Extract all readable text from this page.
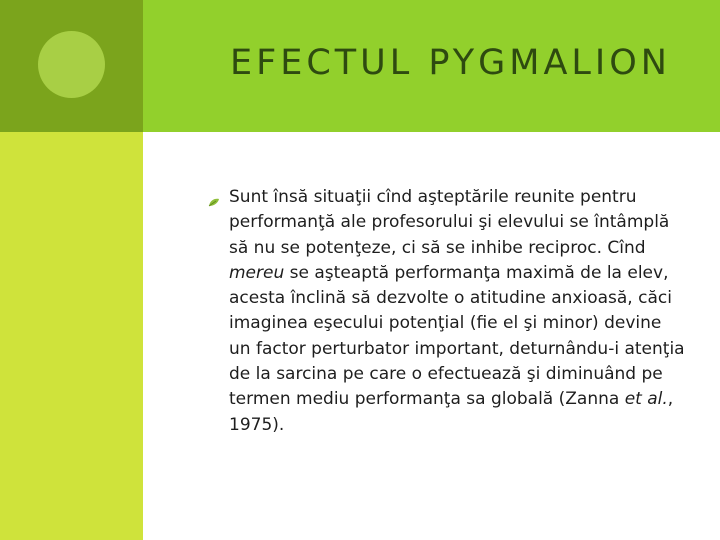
EFECTUL PYGMALION
Sunt însă situaţii cînd aşteptările reunite pentru performanţă ale profesorului şi elevului se întâmplă să nu se potenţeze, ci să se inhibe reciproc. Cînd mereu se aşteaptă performanţa maximă de la elev, acesta înclină să dezvolte o atitudine anxioasă, căci imaginea eşecului potenţial (fie el şi minor) devine un factor perturbator important, deturnându-i atenţia de la sarcina pe care o efectuează şi diminuând pe termen mediu performanţa sa globală (Zanna et al., 1975).
